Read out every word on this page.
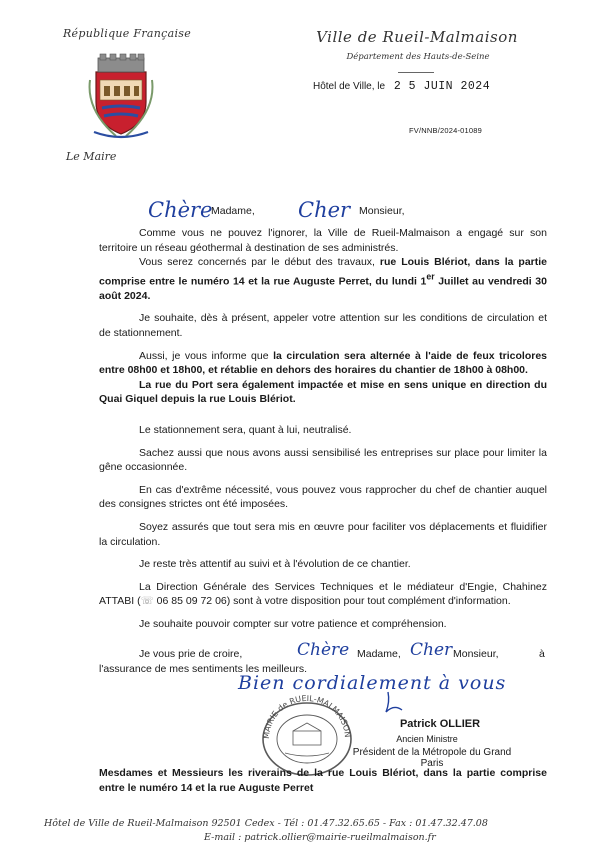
République Française
Le Maire
Ville de Rueil-Malmaison
Département des Hauts-de-Seine
Hôtel de Ville, le 2 5 JUIN 2024
FV/NNB/2024-01089
Chère
Madame, Cher Monsieur,

Comme vous ne pouvez l'ignorer, la Ville de Rueil-Malmaison a engagé sur son territoire un réseau géothermal à destination de ses administrés.

Vous serez concernés par le début des travaux, rue Louis Blériot, dans la partie comprise entre le numéro 14 et la rue Auguste Perret, du lundi 1er Juillet au vendredi 30 août 2024.

Je souhaite, dès à présent, appeler votre attention sur les conditions de circulation et de stationnement.

Aussi, je vous informe que la circulation sera alternée à l'aide de feux tricolores entre 08h00 et 18h00, et rétablie en dehors des horaires du chantier de 18h00 à 08h00.

La rue du Port sera également impactée et mise en sens unique en direction du Quai Giquel depuis la rue Louis Blériot.

Le stationnement sera, quant à lui, neutralisé.

Sachez aussi que nous avons aussi sensibilisé les entreprises sur place pour limiter la gêne occasionnée.

En cas d'extrême nécessité, vous pouvez vous rapprocher du chef de chantier auquel des consignes strictes ont été imposées.

Soyez assurés que tout sera mis en œuvre pour faciliter vos déplacements et fluidifier la circulation.

Je reste très attentif au suivi et à l'évolution de ce chantier.

La Direction Générale des Services Techniques et le médiateur d'Engie, Chahinez ATTABI (☏ 06 85 09 72 06) sont à votre disposition pour tout complément d'information.

Je souhaite pouvoir compter sur votre patience et compréhension.

Je vous prie de croire,	Chère Madame, Cher Monsieur,	à
l'assurance de mes sentiments les meilleurs.
Bien cordialement à vous
MAIRIE de RUEIL-MALMAISON
Patrick OLLIER
Ancien Ministre
Président de la Métropole du Grand Paris
Mesdames et Messieurs les riverains de la rue Louis Blériot, dans la partie comprise entre le numéro 14 et la rue Auguste Perret
Hôtel de Ville de Rueil-Malmaison 92501 Cedex - Tél : 01.47.32.65.65 - Fax : 01.47.32.47.08
E-mail : patrick.ollier@mairie-rueilmalmaison.fr
